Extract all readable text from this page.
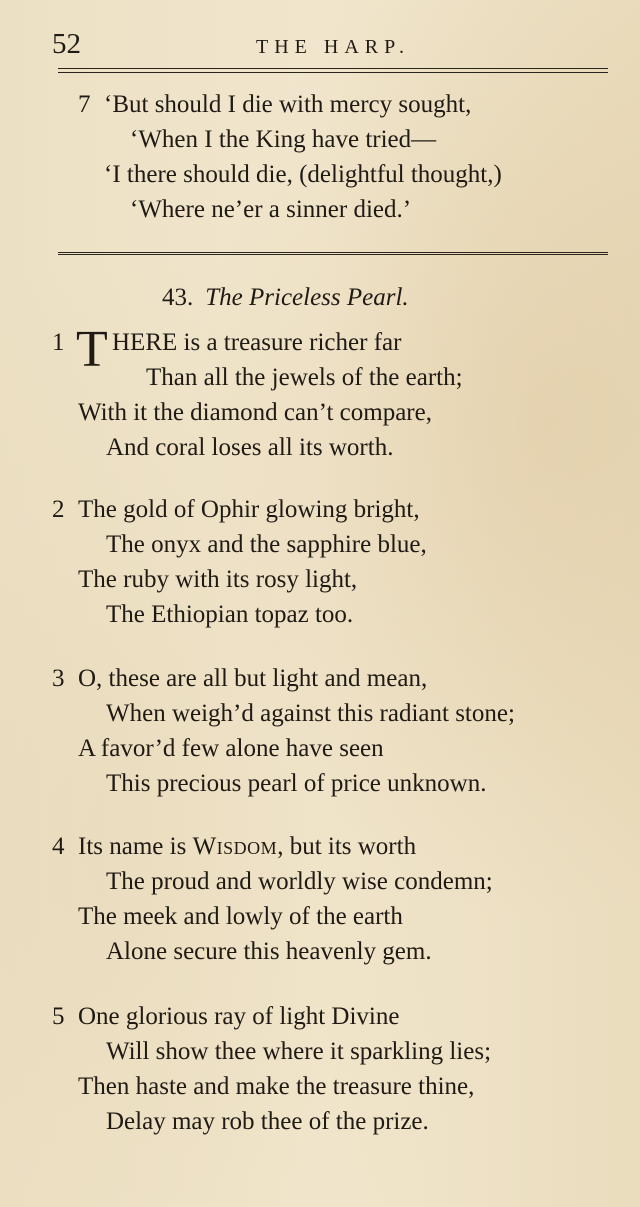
52	THE HARP.
7 ‘But should I die with mercy sought,
‘When I the King have tried—
‘I there should die, (delightful thought,)
‘Where ne’er a sinner died.’
43. The Priceless Pearl.
1 T HERE is a treasure richer far
Than all the jewels of the earth;
With it the diamond can’t compare,
And coral loses all its worth.
2 The gold of Ophir glowing bright,
The onyx and the sapphire blue,
The ruby with its rosy light,
The Ethiopian topaz too.
3 O, these are all but light and mean,
When weigh’d against this radiant stone;
A favor’d few alone have seen
This precious pearl of price unknown.
4 Its name is Wisdom, but its worth
The proud and worldly wise condemn;
The meek and lowly of the earth
Alone secure this heavenly gem.
5 One glorious ray of light Divine
Will show thee where it sparkling lies;
Then haste and make the treasure thine,
Delay may rob thee of the prize.
